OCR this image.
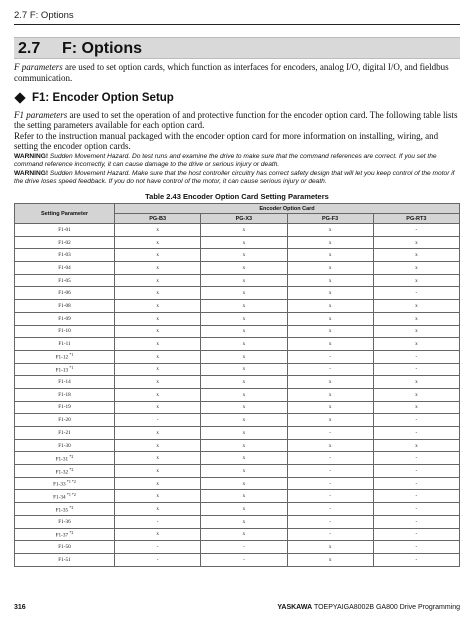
2.7 F: Options
2.7 F: Options
F parameters are used to set option cards, which function as interfaces for encoders, analog I/O, digital I/O, and fieldbus communication.
F1: Encoder Option Setup

F1 parameters are used to set the operation of and protective function for the encoder option card. The following table lists the setting parameters available for each option card.

Refer to the instruction manual packaged with the encoder option card for more information on installing, wiring, and setting the encoder option cards.

WARNING! Sudden Movement Hazard. Do test runs and examine the drive to make sure that the command references are correct. If you set the command reference incorrectly, it can cause damage to the drive or serious injury or death.

WARNING! Sudden Movement Hazard. Make sure that the host controller circuitry has correct safety design that will let you keep control of the motor if the drive loses speed feedback. If you do not have control of the motor, it can cause serious injury or death.

Table 2.43 Encoder Option Card Setting Parameters
Setting Parameter	Encoder Option Card			
	PG-B3	PG-X3	PG-F3	PG-RT3
F1-01	x	x	x	-
F1-02	x	x	x	x
F1-03	x	x	x	x
F1-04	x	x	x	x
F1-05	x	x	x	x
F1-06	x	x	x	-
F1-08	x	x	x	x
F1-09	x	x	x	x
F1-10	x	x	x	x
F1-11	x	x	x	x
F1-12 $^{*1}$	x	x	-	-
F1-13 $^{*1}$	x	x	-	-
F1-14	x	x	x	x
F1-18	x	x	x	x
F1-19	x	x	x	x
F1-20	-	x	x	-
F1-21	x	x	-	-
F1-30	x	x	x	x
F1-31 $^{*2}$	x	x	-	-
F1-32 $^{*2}$	x	x	-	-
F1-33 $^{*1 *2}$	x	x	-	-
F1-34 $^{*1 *2}$	x	x	-	-
F1-35 $^{*2}$	x	x	-	-
F1-36	-	x	-	-
F1-37 $^{*2}$	x	x	-	-
F1-50	-	-	x	-
F1-51	-	-	x	-
316	YASKAWA TOEPYAIGA8002B GA800 Drive Programming
